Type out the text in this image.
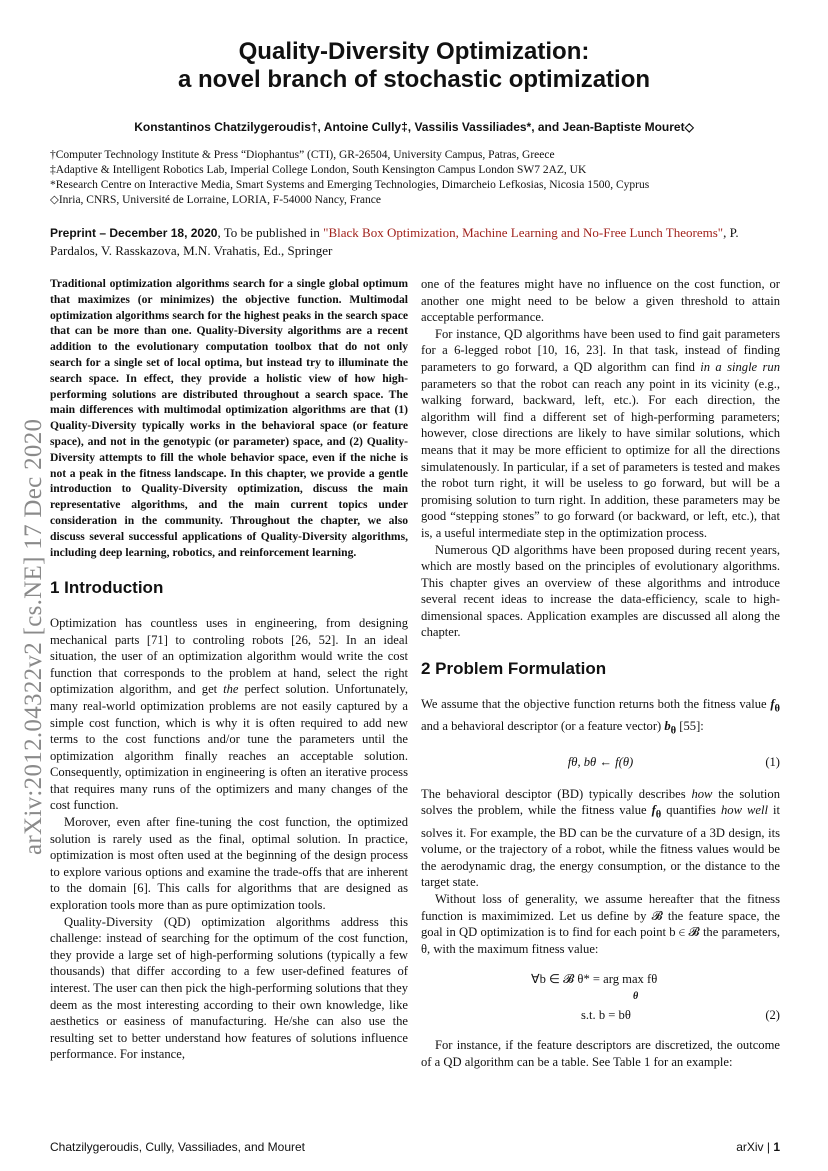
Quality-Diversity Optimization:
a novel branch of stochastic optimization
Konstantinos Chatzilygeroudis†, Antoine Cully‡, Vassilis Vassiliades*, and Jean-Baptiste Mouret◇
†Computer Technology Institute & Press “Diophantus” (CTI), GR-26504, University Campus, Patras, Greece
‡Adaptive & Intelligent Robotics Lab, Imperial College London, South Kensington Campus London SW7 2AZ, UK
*Research Centre on Interactive Media, Smart Systems and Emerging Technologies, Dimarcheio Lefkosias, Nicosia 1500, Cyprus
◇Inria, CNRS, Université de Lorraine, LORIA, F-54000 Nancy, France
Preprint – December 18, 2020, To be published in "Black Box Optimization, Machine Learning and No-Free Lunch Theorems", P. Pardalos, V. Rasskazova, M.N. Vrahatis, Ed., Springer
arXiv:2012.04322v2 [cs.NE] 17 Dec 2020

Traditional optimization algorithms search for a single global optimum that maximizes (or minimizes) the objective function. Multimodal optimization algorithms search for the highest peaks in the search space that can be more than one. Quality-Diversity algorithms are a recent addition to the evolutionary computation toolbox that do not only search for a single set of local optima, but instead try to illuminate the search space. In effect, they provide a holistic view of how high-performing solutions are distributed throughout a search space. The main differences with multimodal optimization algorithms are that (1) Quality-Diversity typically works in the behavioral space (or feature space), and not in the genotypic (or parameter) space, and (2) Quality-Diversity attempts to fill the whole behavior space, even if the niche is not a peak in the fitness landscape. In this chapter, we provide a gentle introduction to Quality-Diversity optimization, discuss the main representative algorithms, and the main current topics under consideration in the community. Throughout the chapter, we also discuss several successful applications of Quality-Diversity algorithms, including deep learning, robotics, and reinforcement learning.

1 Introduction

Optimization has countless uses in engineering, from designing mechanical parts [71] to controling robots [26, 52]. In an ideal situation, the user of an optimization algorithm would write the cost function that corresponds to the problem at hand, select the right optimization algorithm, and get the perfect solution. Unfortunately, many real-world optimization problems are not easily captured by a simple cost function, which is why it is often required to add new terms to the cost functions and/or tune the parameters until the optimization algorithm finally reaches an acceptable solution. Consequently, optimization in engineering is often an iterative process that requires many runs of the optimizers and many changes of the cost function.

Morover, even after fine-tuning the cost function, the optimized solution is rarely used as the final, optimal solution. In practice, optimization is most often used at the beginning of the design process to explore various options and examine the trade-offs that are inherent to the domain [6]. This calls for algorithms that are designed as exploration tools more than as pure optimization tools.

Quality-Diversity (QD) optimization algorithms address this challenge: instead of searching for the optimum of the cost function, they provide a large set of high-performing solutions (typically a few thousands) that differ according to a few user-defined features of interest. The user can then pick the high-performing solutions that they deem as the most interesting according to their own knowledge, like aesthetics or easiness of manufacturing. He/she can also use the resulting set to better understand how features of solutions influence performance. For instance,

one of the features might have no influence on the cost function, or another one might need to be below a given threshold to attain acceptable performance.

For instance, QD algorithms have been used to find gait parameters for a 6-legged robot [10, 16, 23]. In that task, instead of finding parameters to go forward, a QD algorithm can find in a single run parameters so that the robot can reach any point in its vicinity (e.g., walking forward, backward, left, etc.). For each direction, the algorithm will find a different set of high-performing parameters; however, close directions are likely to have similar solutions, which means that it may be more efficient to optimize for all the directions simulatenously. In particular, if a set of parameters is tested and makes the robot turn right, it will be useless to go forward, but will be a promising solution to turn right. In addition, these parameters may be good “stepping stones” to go forward (or backward, or left, etc.), that is, a useful intermediate step in the optimization process.

Numerous QD algorithms have been proposed during recent years, which are mostly based on the principles of evolutionary algorithms. This chapter gives an overview of these algorithms and introduce several recent ideas to increase the data-efficiency, scale to high-dimensional spaces. Application examples are discussed all along the chapter.

2 Problem Formulation

We assume that the objective function returns both the fitness value $f_\theta$ and a behavioral descriptor (or a feature vector) $b_\theta$ [55]:

fθ, bθ ← f(θ)	(1)

The behavioral desciptor (BD) typically describes how the solution solves the problem, while the fitness value $f_\theta$ quantifies how well it solves it. For example, the BD can be the curvature of a 3D design, its volume, or the trajectory of a robot, while the fitness values would be the aerodynamic drag, the energy consumption, or the distance to the target state.

Without loss of generality, we assume hereafter that the fitness function is maximimized. Let us define by 𝓑 the feature space, the goal in QD optimization is to find for each point b ∈ 𝓑 the parameters, θ, with the maximum fitness value:

∀b ∈ 𝓑 θ* = arg max fθ
θ
s.t. b = bθ	(2)

For instance, if the feature descriptors are discretized, the outcome of a QD algorithm can be a table. See Table 1 for an example:

Chatzilygeroudis, Cully, Vassiliades, and Mouret	arXiv | 1
